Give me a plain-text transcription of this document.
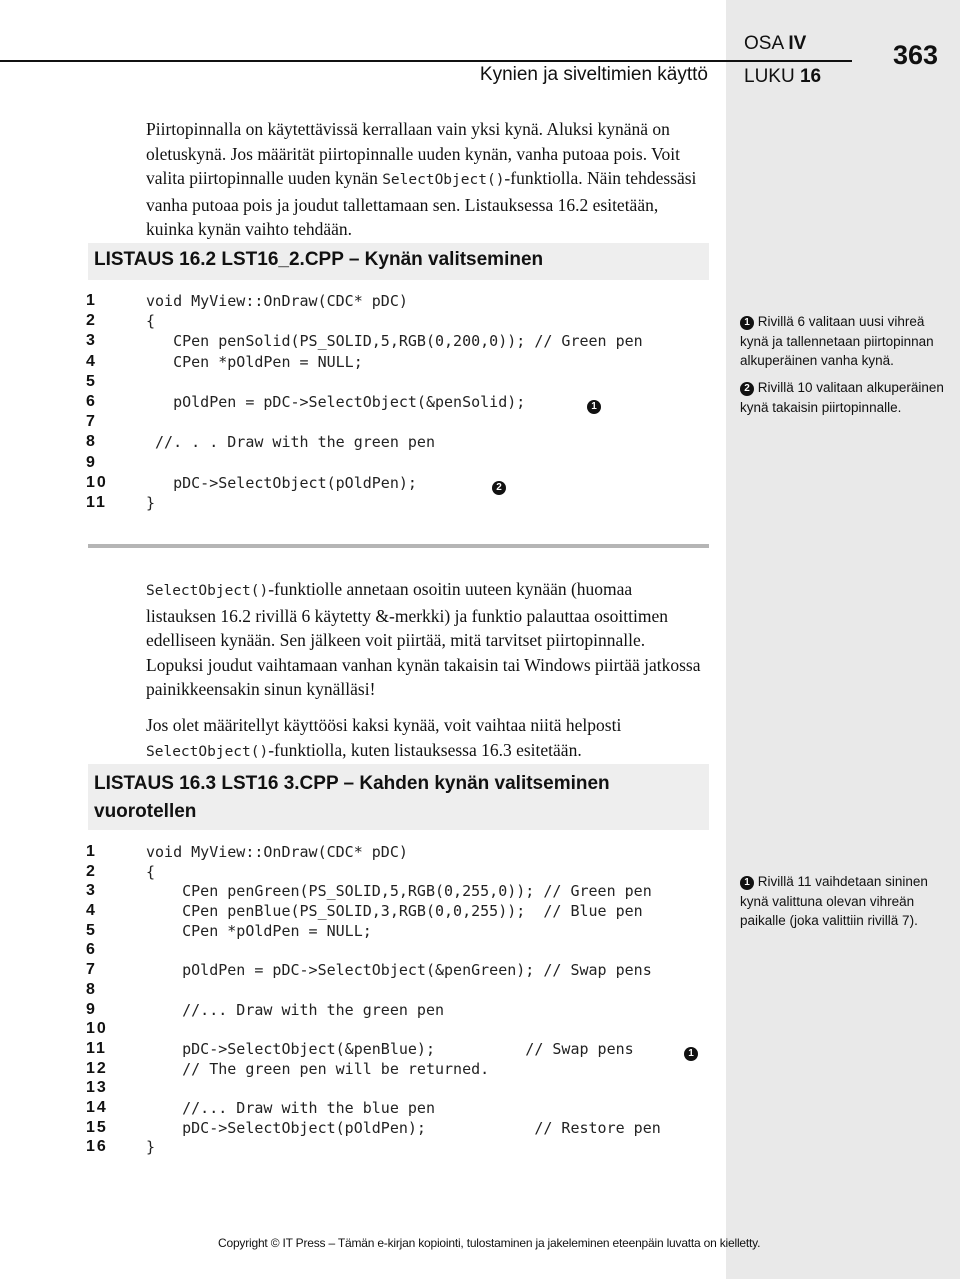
Kynien ja siveltimien käyttö
OSA IV
LUKU 16
363

Piirtopinnalla on käytettävissä kerrallaan vain yksi kynä. Aluksi kynänä on oletuskynä. Jos määrität piirtopinnalle uuden kynän, vanha putoaa pois. Voit valita piirtopinnalle uuden kynän SelectObject()-funktiolla. Näin tehdessäsi vanha putoaa pois ja joudut tallettamaan sen. Listauksessa 16.2 esitetään, kuinka kynän vaihto tehdään.

LISTAUS 16.2 LST16_2.CPP – Kynän valitseminen
1	void MyView::OnDraw(CDC* pDC)
2	{
3	CPen penSolid(PS_SOLID,5,RGB(0,200,0)); // Green pen
4	CPen *pOldPen = NULL;
5
6	pOldPen = pDC->SelectObject(&penSolid);	1
7
8	//. . . Draw with the green pen
9
10	pDC->SelectObject(pOldPen);	2
11	}
1 Rivillä 6 valitaan uusi vihreä kynä ja tallennetaan piirtopinnan alkuperäinen vanha kynä.
2 Rivillä 10 valitaan alkuperäinen kynä takaisin piirtopinnalle.

SelectObject()-funktiolle annetaan osoitin uuteen kynään (huomaa listauksen 16.2 rivillä 6 käytetty &-merkki) ja funktio palauttaa osoittimen edelliseen kynään. Sen jälkeen voit piirtää, mitä tarvitset piirtopinnalle. Lopuksi joudut vaihtamaan vanhan kynän takaisin tai Windows piirtää jatkossa painikkeensakin sinun kynälläsi!

Jos olet määritellyt käyttöösi kaksi kynää, voit vaihtaa niitä helposti SelectObject()-funktiolla, kuten listauksessa 16.3 esitetään.

LISTAUS 16.3 LST16 3.CPP – Kahden kynän valitseminen
vuorotellen
1	void MyView::OnDraw(CDC* pDC)
2	{
3	CPen penGreen(PS_SOLID,5,RGB(0,255,0)); // Green pen
4	CPen penBlue(PS_SOLID,3,RGB(0,0,255));  // Blue pen
5	CPen *pOldPen = NULL;
6
7	pOldPen = pDC->SelectObject(&penGreen); // Swap pens
8
9	//... Draw with the green pen
10
11	pDC->SelectObject(&penBlue);          // Swap pens	1
12	// The green pen will be returned.
13
14	//... Draw with the blue pen
15	pDC->SelectObject(pOldPen);            // Restore pen
16	}
1 Rivillä 11 vaihdetaan sininen kynä valittuna olevan vihreän paikalle (joka valittiin rivillä 7).
Copyright © IT Press – Tämän e-kirjan kopiointi, tulostaminen ja jakeleminen eteenpäin luvatta on kielletty.
